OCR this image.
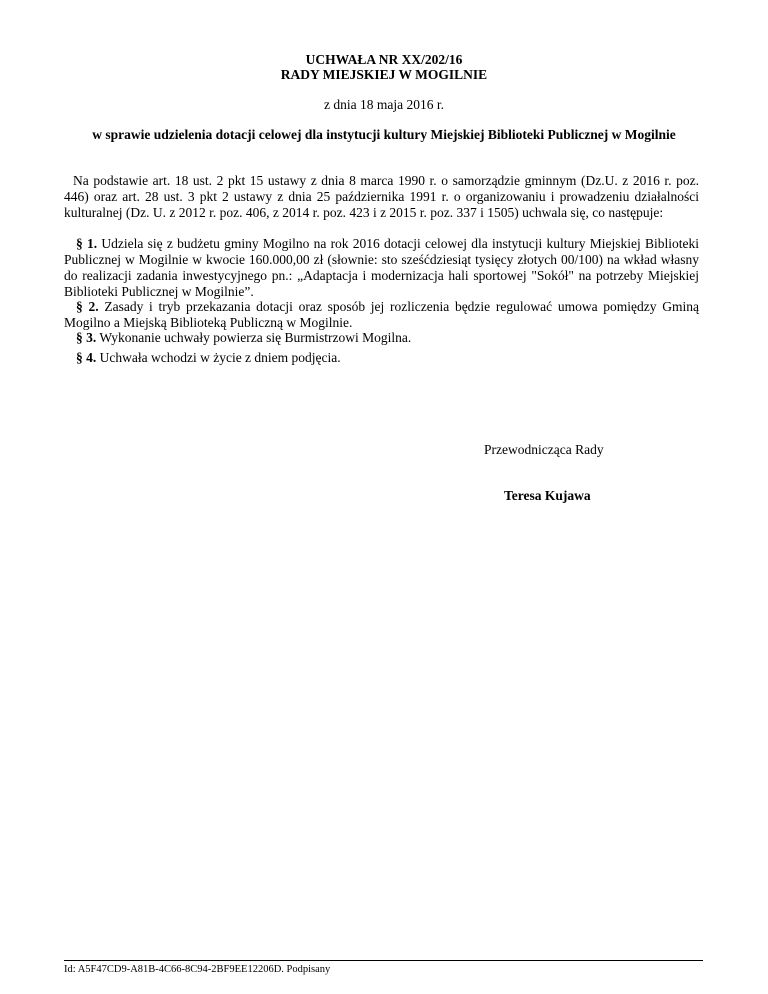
UCHWAŁA NR XX/202/16
RADY MIEJSKIEJ W MOGILNIE
z dnia 18 maja 2016 r.
w sprawie udzielenia dotacji celowej dla instytucji kultury Miejskiej Biblioteki Publicznej w Mogilnie
Na podstawie art. 18 ust. 2 pkt 15 ustawy z dnia 8 marca 1990 r. o samorządzie gminnym (Dz.U. z 2016 r. poz. 446) oraz art. 28 ust. 3 pkt 2 ustawy z dnia 25 października 1991 r. o organizowaniu i prowadzeniu działalności kulturalnej (Dz. U. z 2012 r. poz. 406, z 2014 r. poz. 423 i z 2015 r. poz. 337 i 1505) uchwala się, co następuje:
§ 1. Udziela się z budżetu gminy Mogilno na rok 2016 dotacji celowej dla instytucji kultury Miejskiej Biblioteki Publicznej w Mogilnie w kwocie 160.000,00 zł (słownie: sto sześćdziesiąt tysięcy złotych 00/100) na wkład własny do realizacji zadania inwestycyjnego pn.: „Adaptacja i modernizacja hali sportowej "Sokół" na potrzeby Miejskiej Biblioteki Publicznej w Mogilnie”.
§ 2. Zasady i tryb przekazania dotacji oraz sposób jej rozliczenia będzie regulować umowa pomiędzy Gminą Mogilno a Miejską Biblioteką Publiczną w Mogilnie.
§ 3. Wykonanie uchwały powierza się Burmistrzowi Mogilna.
§ 4. Uchwała wchodzi w życie z dniem podjęcia.
Przewodnicząca Rady
Teresa Kujawa
Id: A5F47CD9-A81B-4C66-8C94-2BF9EE12206D. Podpisany
